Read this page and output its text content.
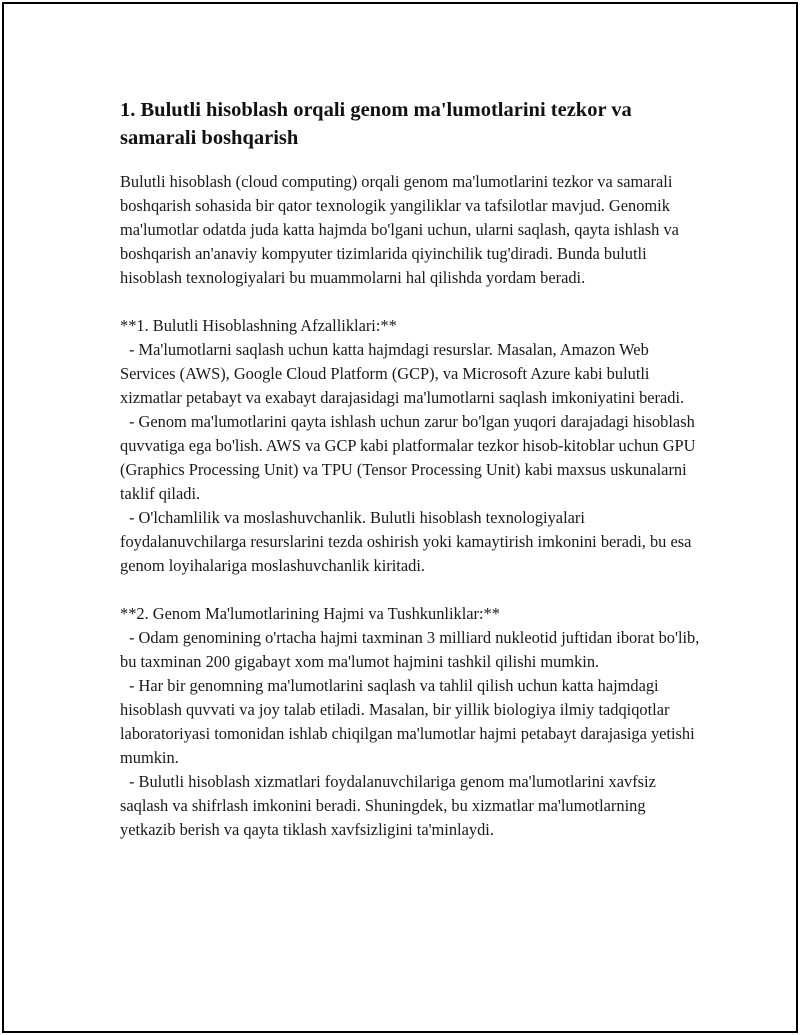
1. Bulutli hisoblash orqali genom ma'lumotlarini tezkor va samarali boshqarish

Bulutli hisoblash (cloud computing) orqali genom ma'lumotlarini tezkor va samarali boshqarish sohasida bir qator texnologik yangiliklar va tafsilotlar mavjud. Genomik ma'lumotlar odatda juda katta hajmda bo'lgani uchun, ularni saqlash, qayta ishlash va boshqarish an'anaviy kompyuter tizimlarida qiyinchilik tug'diradi. Bunda bulutli hisoblash texnologiyalari bu muammolarni hal qilishda yordam beradi.

**1. Bulutli Hisoblashning Afzalliklari:**

- Ma'lumotlarni saqlash uchun katta hajmdagi resurslar. Masalan, Amazon Web Services (AWS), Google Cloud Platform (GCP), va Microsoft Azure kabi bulutli xizmatlar petabayt va exabayt darajasidagi ma'lumotlarni saqlash imkoniyatini beradi.

- Genom ma'lumotlarini qayta ishlash uchun zarur bo'lgan yuqori darajadagi hisoblash quvvatiga ega bo'lish. AWS va GCP kabi platformalar tezkor hisob-kitoblar uchun GPU (Graphics Processing Unit) va TPU (Tensor Processing Unit) kabi maxsus uskunalarni taklif qiladi.

- O'lchamlilik va moslashuvchanlik. Bulutli hisoblash texnologiyalari foydalanuvchilarga resurslarini tezda oshirish yoki kamaytirish imkonini beradi, bu esa genom loyihalariga moslashuvchanlik kiritadi.

**2. Genom Ma'lumotlarining Hajmi va Tushkunliklar:**

- Odam genomining o'rtacha hajmi taxminan 3 milliard nukleotid juftidan iborat bo'lib, bu taxminan 200 gigabayt xom ma'lumot hajmini tashkil qilishi mumkin.

- Har bir genomning ma'lumotlarini saqlash va tahlil qilish uchun katta hajmdagi hisoblash quvvati va joy talab etiladi. Masalan, bir yillik biologiya ilmiy tadqiqotlar laboratoriyasi tomonidan ishlab chiqilgan ma'lumotlar hajmi petabayt darajasiga yetishi mumkin.

- Bulutli hisoblash xizmatlari foydalanuvchilariga genom ma'lumotlarini xavfsiz saqlash va shifrlash imkonini beradi. Shuningdek, bu xizmatlar ma'lumotlarning yetkazib berish va qayta tiklash xavfsizligini ta'minlaydi.
